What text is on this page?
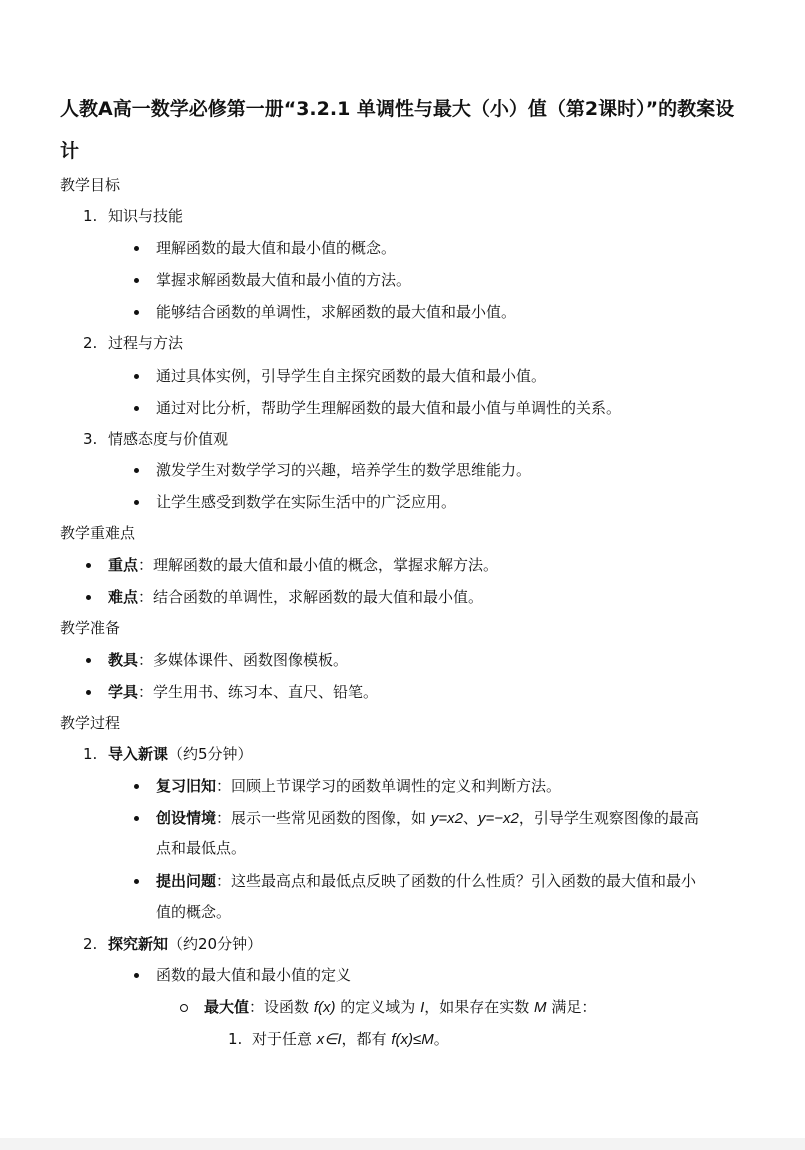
人教A高一数学必修第一册“3.2.1 单调性与最大（小）值（第2课时）”的教案设计
教学目标
1. 知识与技能
理解函数的最大值和最小值的概念。
掌握求解函数最大值和最小值的方法。
能够结合函数的单调性，求解函数的最大值和最小值。
2. 过程与方法
通过具体实例，引导学生自主探究函数的最大值和最小值。
通过对比分析，帮助学生理解函数的最大值和最小值与单调性的关系。
3. 情感态度与价值观
激发学生对数学学习的兴趣，培养学生的数学思维能力。
让学生感受到数学在实际生活中的广泛应用。
教学重难点
重点：理解函数的最大值和最小值的概念，掌握求解方法。
难点：结合函数的单调性，求解函数的最大值和最小值。
教学准备
教具：多媒体课件、函数图像模板。
学具：学生用书、练习本、直尺、铅笔。
教学过程
1. 导入新课（约5分钟）
复习旧知：回顾上节课学习的函数单调性的定义和判断方法。
创设情境：展示一些常见函数的图像，如 y=x2、y=−x2，引导学生观察图像的最高
点和最低点。
提出问题：这些最高点和最低点反映了函数的什么性质？引入函数的最大值和最小
值的概念。
2. 探究新知（约20分钟）
函数的最大值和最小值的定义
最大值：设函数 f(x) 的定义域为 I，如果存在实数 M 满足：
1. 对于任意 x∈I，都有 f(x)≤M。
